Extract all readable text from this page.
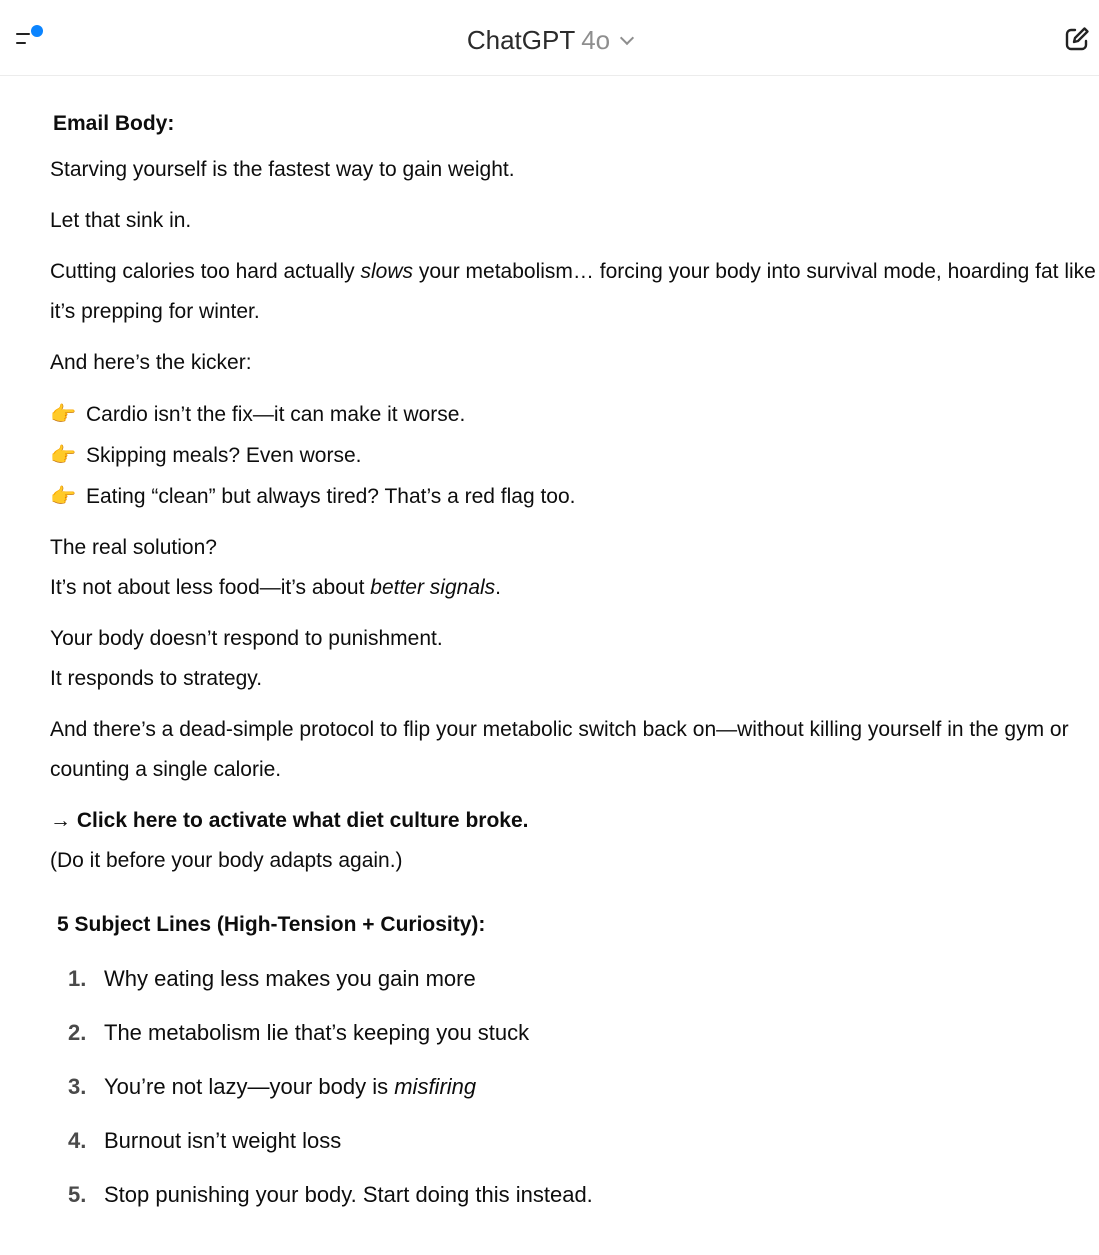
ChatGPT 4o
Email Body:

Starving yourself is the fastest way to gain weight.

Let that sink in.

Cutting calories too hard actually slows your metabolism… forcing your body into survival mode, hoarding fat like it’s prepping for winter.

And here’s the kicker:

👉 Cardio isn’t the fix—it can make it worse.
👉 Skipping meals? Even worse.
👉 Eating “clean” but always tired? That’s a red flag too.
The real solution?
It’s not about less food—it’s about better signals.
Your body doesn’t respond to punishment.
It responds to strategy.

And there’s a dead-simple protocol to flip your metabolic switch back on—without killing yourself in the gym or counting a single calorie.

→ Click here to activate what diet culture broke.
(Do it before your body adapts again.)
5 Subject Lines (High-Tension + Curiosity):
1. Why eating less makes you gain more
2. The metabolism lie that’s keeping you stuck
3. You’re not lazy—your body is misfiring
4. Burnout isn’t weight loss
5. Stop punishing your body. Start doing this instead.
